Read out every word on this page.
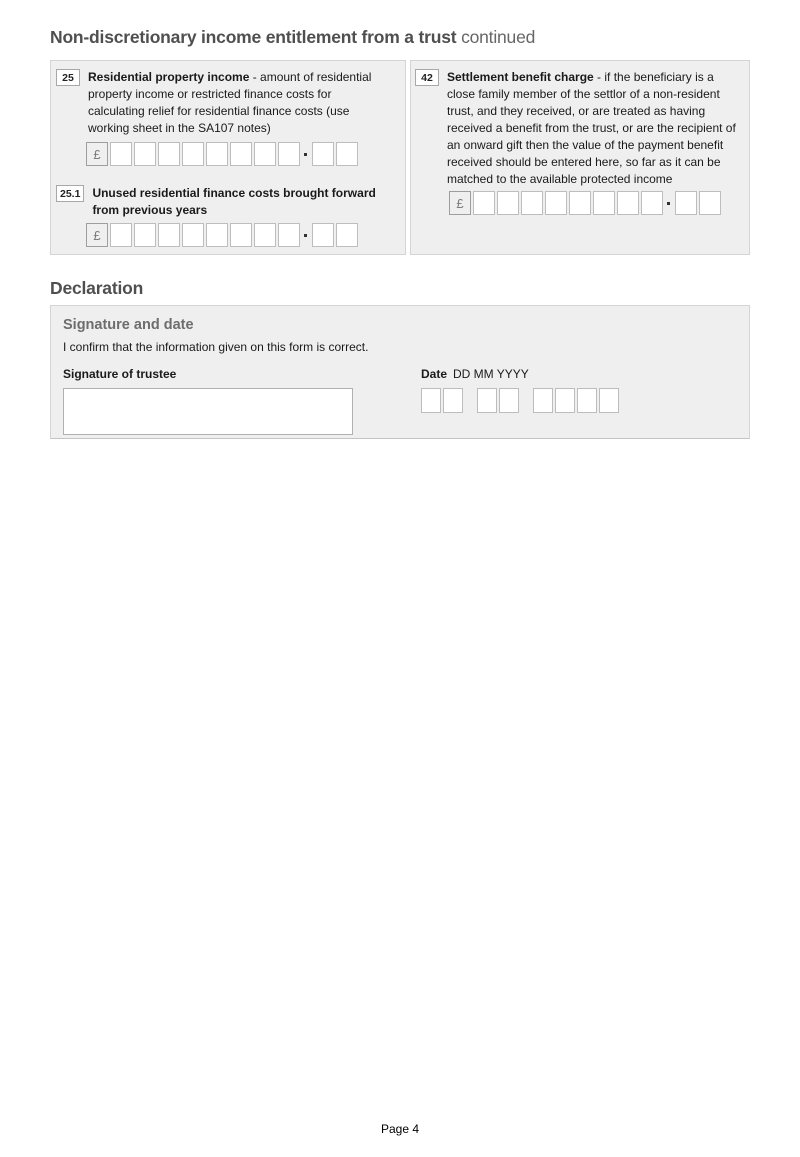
Non-discretionary income entitlement from a trust continued
25	Residential property income - amount of residential property income or restricted finance costs for calculating relief for residential finance costs (use working sheet in the SA107 notes)
£
25.1	Unused residential finance costs brought forward from previous years
£
42	Settlement benefit charge - if the beneficiary is a close family member of the settlor of a non-resident trust, and they received, or are treated as having received a benefit from the trust, or are the recipient of an onward gift then the value of the payment benefit received should be entered here, so far as it can be matched to the available protected income
£
Declaration
Signature and date
I confirm that the information given on this form is correct.
Signature of trustee	Date DD MM YYYY
Page 4
